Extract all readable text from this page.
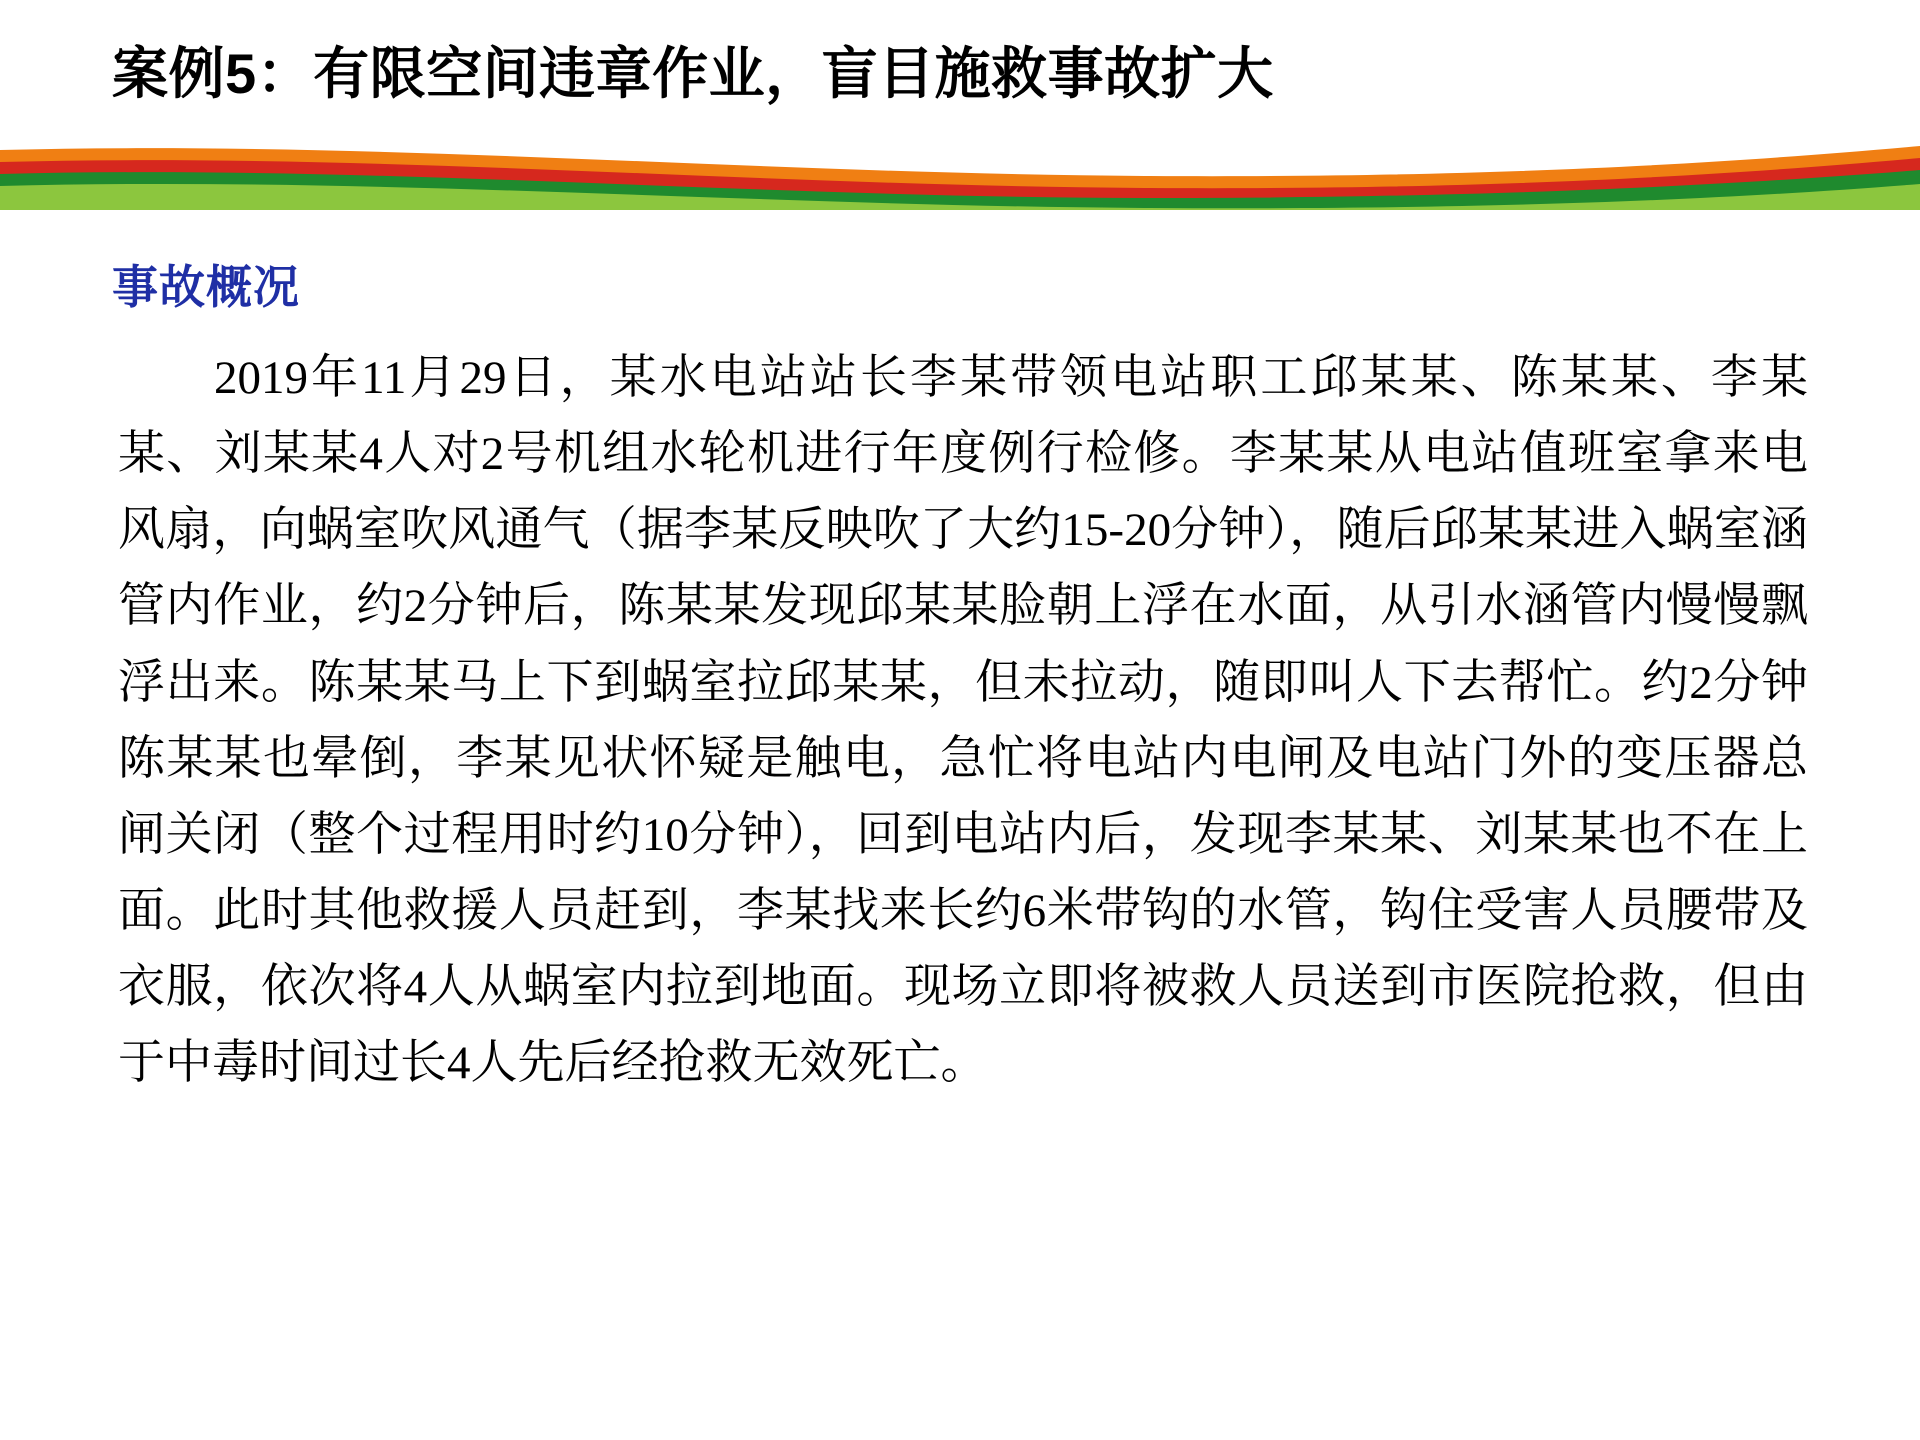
案例5：有限空间违章作业，盲目施救事故扩大
事故概况
2019年11月29日，某水电站站长李某带领电站职工邱某某、陈某某、李某某、刘某某4人对2号机组水轮机进行年度例行检修。李某某从电站值班室拿来电风扇，向蜗室吹风通气（据李某反映吹了大约15-20分钟），随后邱某某进入蜗室涵管内作业，约2分钟后，陈某某发现邱某某脸朝上浮在水面，从引水涵管内慢慢飘浮出来。陈某某马上下到蜗室拉邱某某，但未拉动，随即叫人下去帮忙。约2分钟陈某某也晕倒，李某见状怀疑是触电，急忙将电站内电闸及电站门外的变压器总闸关闭（整个过程用时约10分钟），回到电站内后，发现李某某、刘某某也不在上面。此时其他救援人员赶到，李某找来长约6米带钩的水管，钩住受害人员腰带及衣服，依次将4人从蜗室内拉到地面。现场立即将被救人员送到市医院抢救，但由于中毒时间过长4人先后经抢救无效死亡。
